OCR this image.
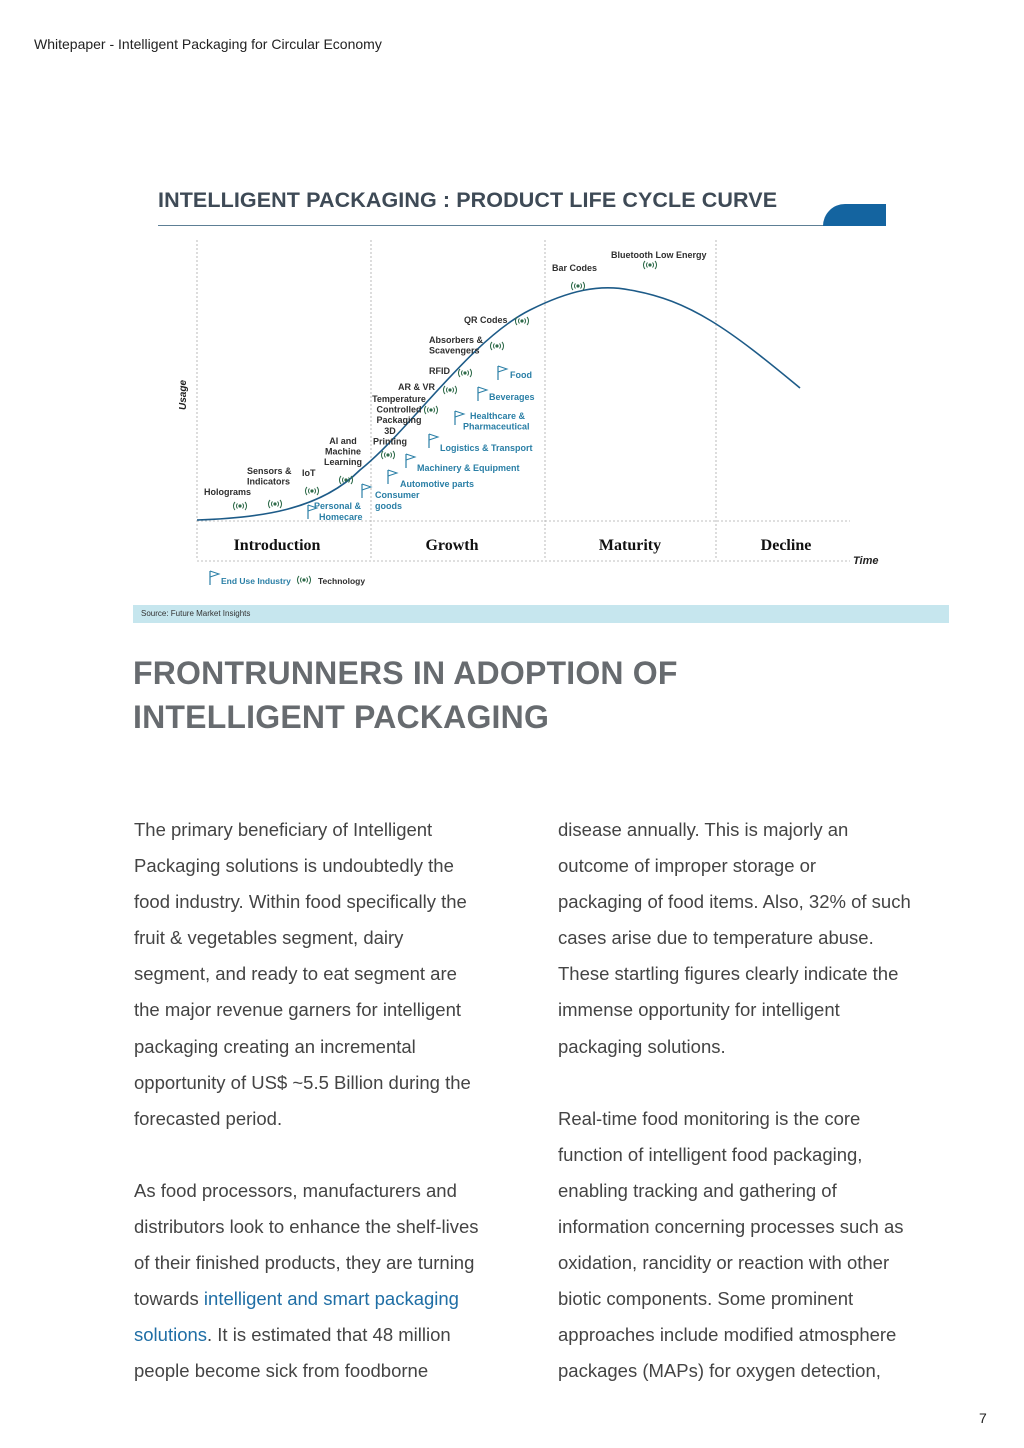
Whitepaper - Intelligent Packaging for Circular Economy
INTELLIGENT PACKAGING : PRODUCT LIFE CYCLE CURVE
Usage
Time
Introduction	Growth	Maturity	Decline
Holograms
Sensors & Indicators
IoT
AI and Machine Learning
3D Printing
Temperature Controlled Packaging
AR & VR
RFID
Absorbers & Scavengers
QR Codes
Bar Codes
Bluetooth Low Energy
Personal & Homecare
Consumer goods
Automotive parts
Machinery & Equipment
Logistics & Transport
Healthcare & Pharmaceutical
Beverages
Food
End Use Industry	Technology
Source: Future Market Insights
FRONTRUNNERS IN ADOPTION OF
INTELLIGENT PACKAGING

The primary beneficiary of Intelligent

Packaging solutions is undoubtedly the

food industry. Within food specifically the

fruit & vegetables segment, dairy

segment, and ready to eat segment are

the major revenue garners for intelligent

packaging creating an incremental

opportunity of US$ ~5.5 Billion during the

forecasted period.

As food processors, manufacturers and

distributors look to enhance the shelf-lives

of their finished products, they are turning

towards intelligent and smart packaging

solutions. It is estimated that 48 million

people become sick from foodborne

disease annually. This is majorly an

outcome of improper storage or

packaging of food items. Also, 32% of such

cases arise due to temperature abuse.

These startling figures clearly indicate the

immense opportunity for intelligent

packaging solutions.

Real-time food monitoring is the core

function of intelligent food packaging,

enabling tracking and gathering of

information concerning processes such as

oxidation, rancidity or reaction with other

biotic components. Some prominent

approaches include modified atmosphere

packages (MAPs) for oxygen detection,

7
